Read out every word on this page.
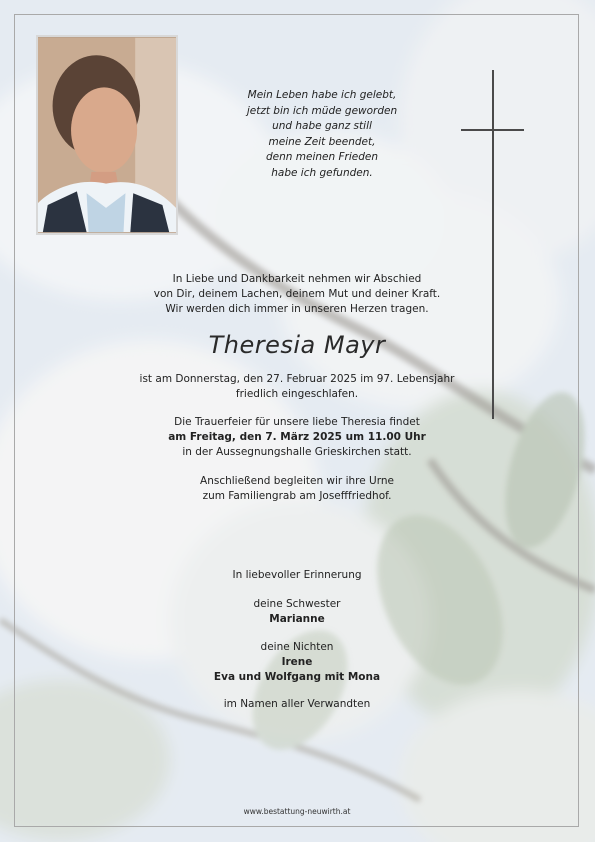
Mein Leben habe ich gelebt,
jetzt bin ich müde geworden
und habe ganz still
meine Zeit beendet,
denn meinen Frieden
habe ich gefunden.
In Liebe und Dankbarkeit nehmen wir Abschied
von Dir, deinem Lachen, deinem Mut und deiner Kraft.
Wir werden dich immer in unseren Herzen tragen.
Theresia Mayr
ist am Donnerstag, den 27. Februar 2025 im 97. Lebensjahr
friedlich eingeschlafen.
Die Trauerfeier für unsere liebe Theresia findet
am Freitag, den 7. März 2025 um 11.00 Uhr
in der Aussegnungshalle Grieskirchen statt.
Anschließend begleiten wir ihre Urne
zum Familiengrab am Josefffriedhof.
In liebevoller Erinnerung
deine Schwester
Marianne
deine Nichten
Irene
Eva und Wolfgang mit Mona
im Namen aller Verwandten
www.bestattung-neuwirth.at
